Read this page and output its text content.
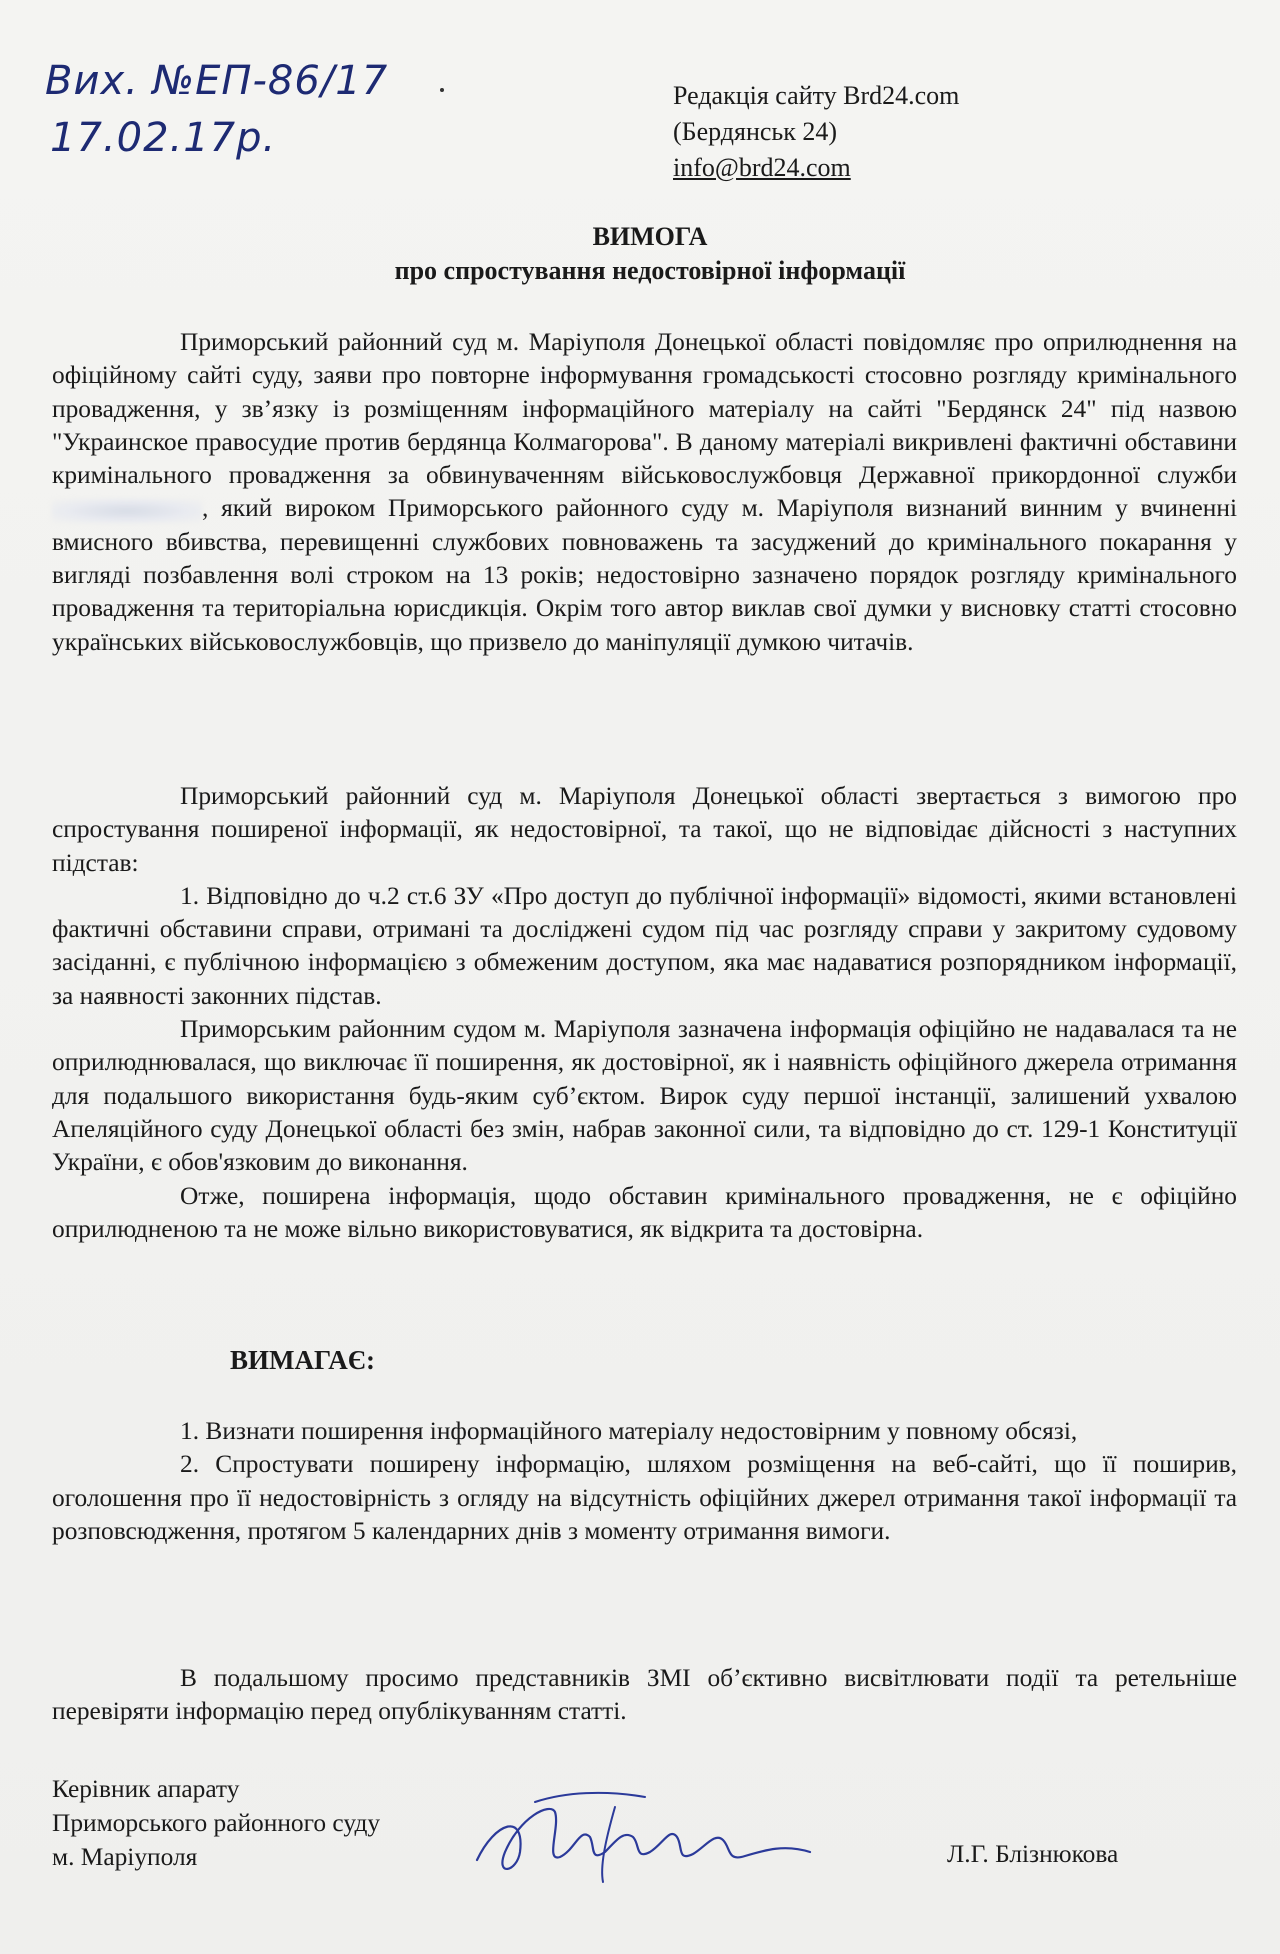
Вих. №ЕП-86/17
17.02.17р.
Редакція сайту Brd24.com
(Бердянськ 24)
info@brd24.com
ВИМОГА
про спростування недостовірної інформації

Приморський районний суд м. Маріуполя Донецької області повідомляє про оприлюднення на офіційному сайті суду, заяви про повторне інформування громадськості стосовно розгляду кримінального провадження, у зв’язку із розміщенням інформаційного матеріалу на сайті "Бердянск 24" під назвою "Украинское правосудие против бердянца Колмагорова". В даному матеріалі викривлені фактичні обставини кримінального провадження за обвинуваченням військовослужбовця Державної прикордонної служби , який вироком Приморського районного суду м. Маріуполя визнаний винним у вчиненні вмисного вбивства, перевищенні службових повноважень та засуджений до кримінального покарання у вигляді позбавлення волі строком на 13 років; недостовірно зазначено порядок розгляду кримінального провадження та територіальна юрисдикція. Окрім того автор виклав свої думки у висновку статті стосовно українських військовослужбовців, що призвело до маніпуляції думкою читачів.

Приморський районний суд м. Маріуполя Донецької області звертається з вимогою про спростування поширеної інформації, як недостовірної, та такої, що не відповідає дійсності з наступних підстав:

1. Відповідно до ч.2 ст.6 ЗУ «Про доступ до публічної інформації» відомості, якими встановлені фактичні обставини справи, отримані та досліджені судом під час розгляду справи у закритому судовому засіданні, є публічною інформацією з обмеженим доступом, яка має надаватися розпорядником інформації, за наявності законних підстав.

Приморським районним судом м. Маріуполя зазначена інформація офіційно не надавалася та не оприлюднювалася, що виключає її поширення, як достовірної, як і наявність офіційного джерела отримання для подальшого використання будь-яким суб’єктом. Вирок суду першої інстанції, залишений ухвалою Апеляційного суду Донецької області без змін, набрав законної сили, та відповідно до ст. 129-1 Конституції України, є обов'язковим до виконання.

Отже, поширена інформація, щодо обставин кримінального провадження, не є офіційно оприлюдненою та не може вільно використовуватися, як відкрита та достовірна.

ВИМАГАЄ:

1. Визнати поширення інформаційного матеріалу недостовірним у повному обсязі,

2. Спростувати поширену інформацію, шляхом розміщення на веб-сайті, що її поширив, оголошення про її недостовірність з огляду на відсутність офіційних джерел отримання такої інформації та розповсюдження, протягом 5 календарних днів з моменту отримання вимоги.

В подальшому просимо представників ЗМІ об’єктивно висвітлювати події та ретельніше перевіряти інформацію перед опублікуванням статті.

Керівник апарату
Приморського районного суду
м. Маріуполя	Л.Г. Блізнюкова
